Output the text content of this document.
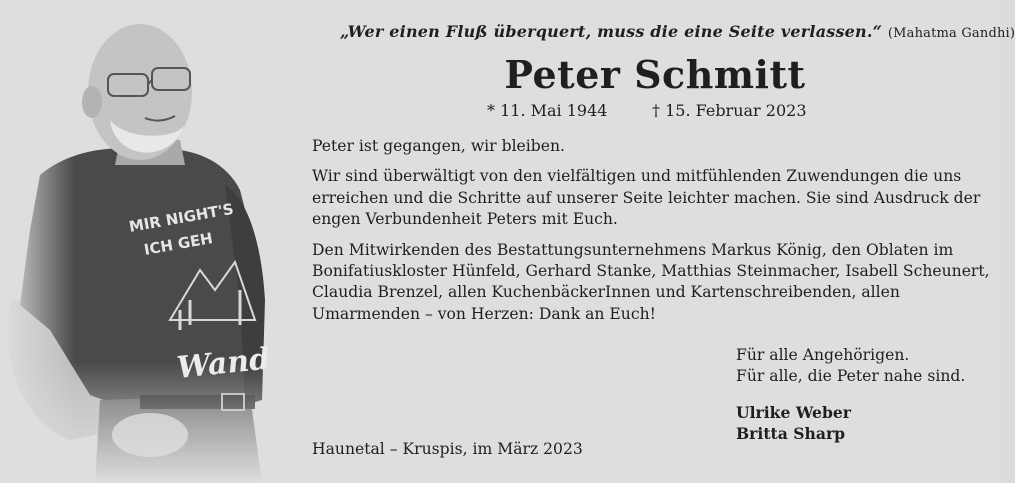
„Wer einen Fluß überquert, muss die eine Seite verlassen.“ (Mahatma Gandhi)
Peter Schmitt
* 11. Mai 1944	† 15. Februar 2023

Peter ist gegangen, wir bleiben.

Wir sind überwältigt von den vielfältigen und mitfühlenden Zuwendungen die uns erreichen und die Schritte auf unserer Seite leichter machen. Sie sind Ausdruck der engen Verbundenheit Peters mit Euch.

Den Mitwirkenden des Bestattungsunternehmens Markus König, den Oblaten im Bonifatiuskloster Hünfeld, Gerhard Stanke, Matthias Steinmacher, Isabell Scheunert, Claudia Brenzel, allen KuchenbäckerInnen und Kartenschreibenden, allen Umarmenden – von Herzen: Dank an Euch!

Für alle Angehörigen.
Für alle, die Peter nahe sind.
Ulrike Weber
Britta Sharp
Haunetal – Kruspis, im März 2023
